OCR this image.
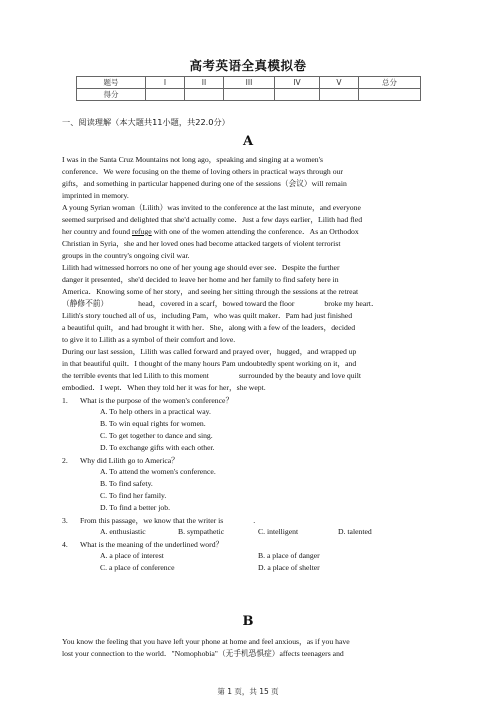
高考英语全真模拟卷
题号	I	II	III	IV	V	总分
得分						
一、阅读理解（本大题共11小题，共22.0分）
A

I was in the Santa Cruz Mountains not long ago，speaking and singing at a women's

conference．We were focusing on the theme of loving others in practical ways through our

gifts，and something in particular happened during one of the sessions（会议）will remain

imprinted in memory.

A young Syrian woman（Lilith）was invited to the conference at the last minute，and everyone

seemed surprised and delighted that she'd actually come．Just a few days earlier，Lilith had fled

her country and found refuge with one of the women attending the conference．As an Orthodox

Christian in Syria，she and her loved ones had become attacked targets of violent terrorist

groups in the country's ongoing civil war.

Lilith had witnessed horrors no one of her young age should ever see．Despite the further

danger it presented，she'd decided to leave her home and her family to find safety here in

America．Knowing some of her story，and seeing her sitting through the sessions at the retreat

（静修不前）	head，covered in a scarf，bowed toward the floor	broke my heart．

Lilith's story touched all of us，including Pam，who was quilt maker．Pam had just finished

a beautiful quilt，and had brought it with her．She，along with a few of the leaders，decided

to give it to Lilith as a symbol of their comfort and love.

During our last session，Lilith was called forward and prayed over，hugged，and wrapped up

in that beautiful quilt．I thought of the many hours Pam undoubtedly spent working on it，and

the terrible events that led Lilith to this moment	surrounded by the beauty and love quilt

embodied．I wept．When they told her it was for her，she wept.

1. What is the purpose of the women's conference？
A. To help others in a practical way.
B. To win equal rights for women.
C. To get together to dance and sing.
D. To exchange gifts with each other.
2. Why did Lilith go to America？
A. To attend the women's conference.
B. To find safety.
C. To find her family.
D. To find a better job.
3. From this passage，we know that the writer is	.
A. enthusiastic	B. sympathetic	C. intelligent	D. talented
4. What is the meaning of the underlined word？
A. a place of interest	B. a place of danger
C. a place of conference	D. a place of shelter
B

You know the feeling that you have left your phone at home and feel anxious，as if you have

lost your connection to the world．"Nomophobia"（无手机恐惧症）affects teenagers and

第 1 页，共 15 页
